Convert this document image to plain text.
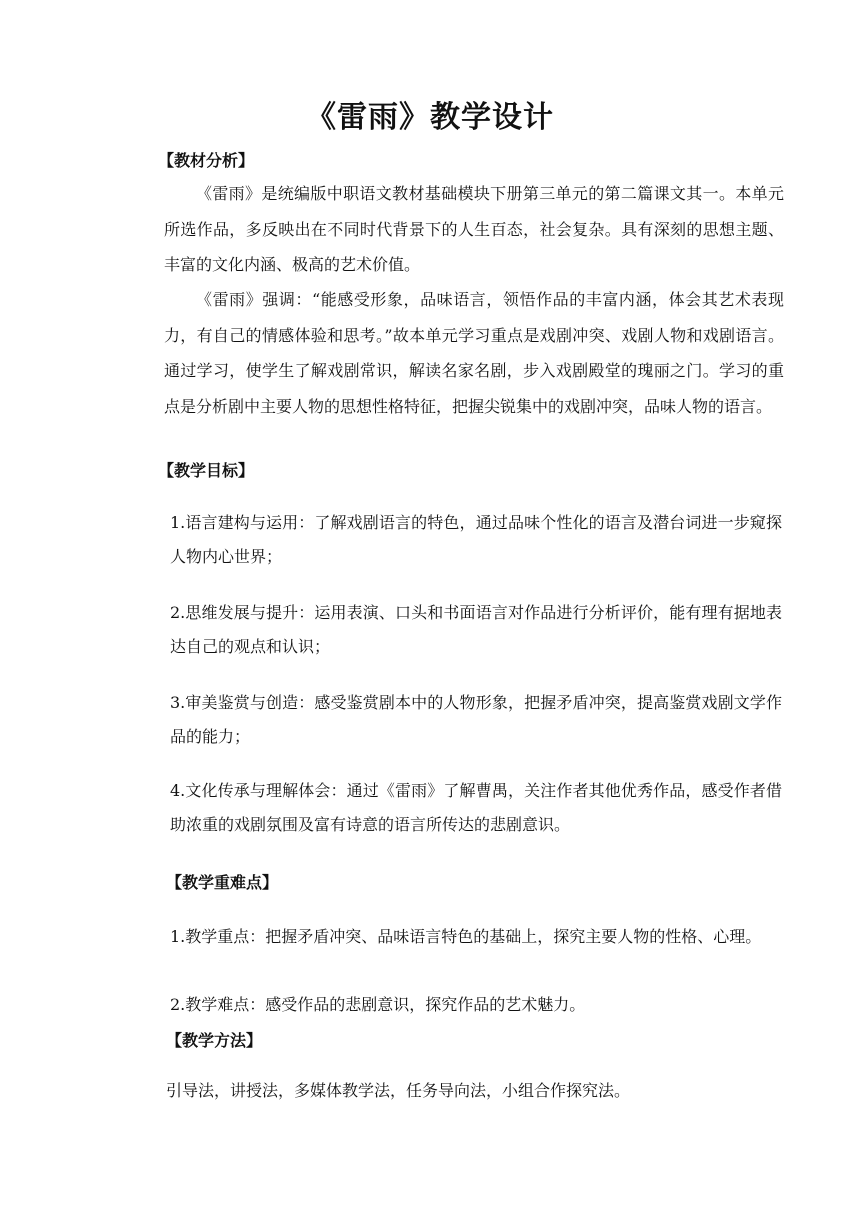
《雷雨》教学设计
【教材分析】

《雷雨》是统编版中职语文教材基础模块下册第三单元的第二篇课文其一。本单元所选作品，多反映出在不同时代背景下的人生百态，社会复杂。具有深刻的思想主题、丰富的文化内涵、极高的艺术价值。

《雷雨》强调：“能感受形象，品味语言，领悟作品的丰富内涵，体会其艺术表现力，有自己的情感体验和思考。”故本单元学习重点是戏剧冲突、戏剧人物和戏剧语言。通过学习，使学生了解戏剧常识，解读名家名剧，步入戏剧殿堂的瑰丽之门。学习的重点是分析剧中主要人物的思想性格特征，把握尖锐集中的戏剧冲突，品味人物的语言。

【教学目标】

1.语言建构与运用：了解戏剧语言的特色，通过品味个性化的语言及潜台词进一步窥探人物内心世界；

2.思维发展与提升：运用表演、口头和书面语言对作品进行分析评价，能有理有据地表达自己的观点和认识；

3.审美鉴赏与创造：感受鉴赏剧本中的人物形象，把握矛盾冲突，提高鉴赏戏剧文学作品的能力；

4.文化传承与理解体会：通过《雷雨》了解曹禺，关注作者其他优秀作品，感受作者借助浓重的戏剧氛围及富有诗意的语言所传达的悲剧意识。

【教学重难点】

1.教学重点：把握矛盾冲突、品味语言特色的基础上，探究主要人物的性格、心理。

2.教学难点：感受作品的悲剧意识，探究作品的艺术魅力。

【教学方法】

引导法，讲授法，多媒体教学法，任务导向法，小组合作探究法。
